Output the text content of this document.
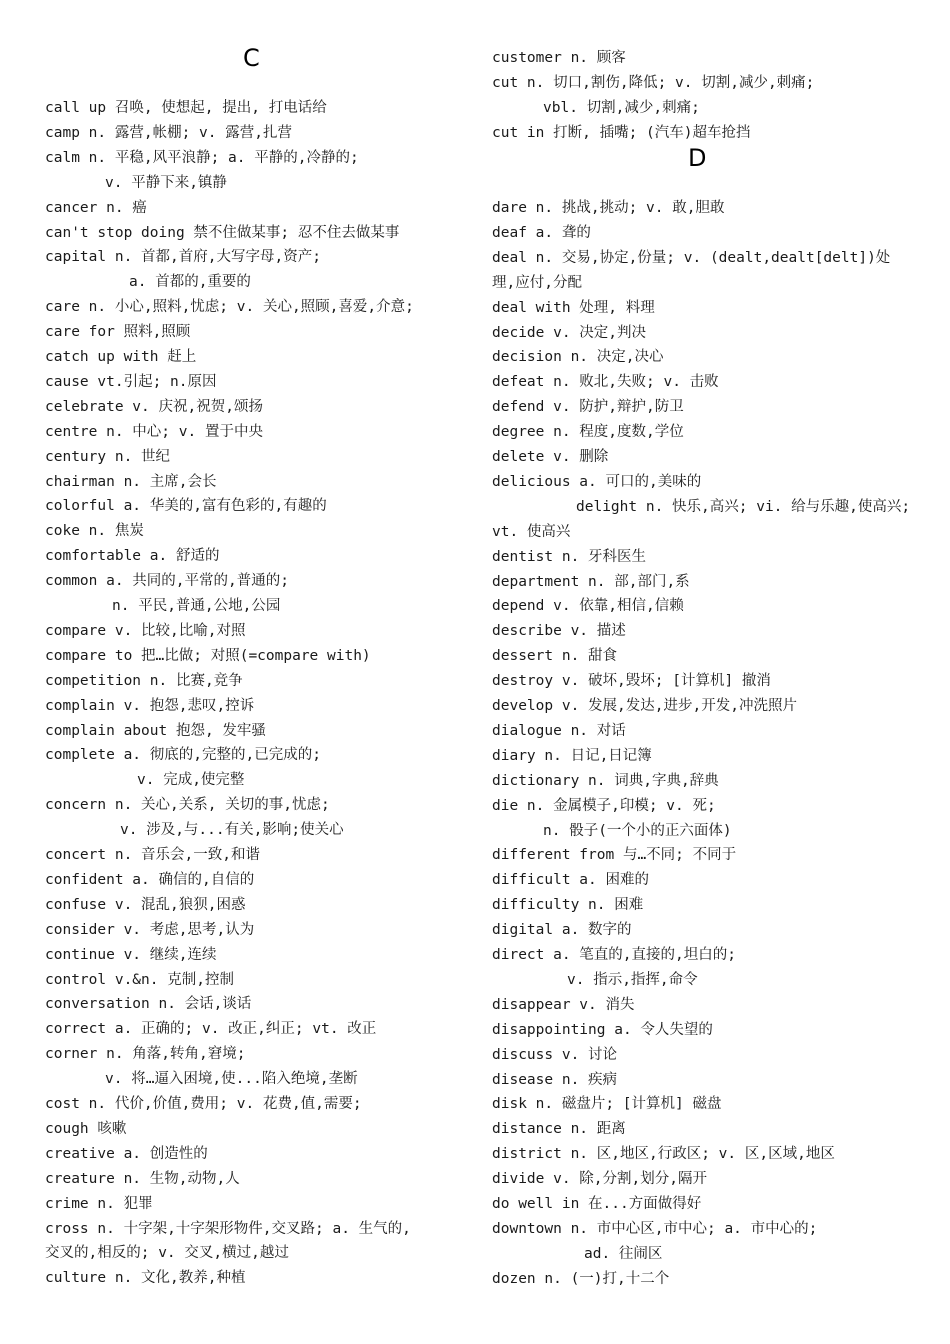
C
call up 召唤, 使想起, 提出, 打电话给
camp n. 露营,帐棚; v. 露营,扎营
calm n. 平稳,风平浪静; a. 平静的,冷静的;
v. 平静下来,镇静
cancer n. 癌
can't stop doing 禁不住做某事; 忍不住去做某事
capital n. 首都,首府,大写字母,资产;
a. 首都的,重要的
care n. 小心,照料,忧虑; v. 关心,照顾,喜爱,介意;
care for 照料,照顾
catch up with 赶上
cause vt.引起; n.原因
celebrate v. 庆祝,祝贺,颂扬
centre n. 中心; v. 置于中央
century n. 世纪
chairman n. 主席,会长
colorful a. 华美的,富有色彩的,有趣的
coke n. 焦炭
comfortable a. 舒适的
common a. 共同的,平常的,普通的;
n. 平民,普通,公地,公园
compare v. 比较,比喻,对照
compare to 把…比做; 对照(=compare with)
competition n. 比赛,竞争
complain v. 抱怨,悲叹,控诉
complain about 抱怨, 发牢骚
complete a. 彻底的,完整的,已完成的;
v. 完成,使完整
concern n. 关心,关系, 关切的事,忧虑;
v. 涉及,与...有关,影响;使关心
concert n. 音乐会,一致,和谐
confident a. 确信的,自信的
confuse v. 混乱,狼狈,困惑
consider v. 考虑,思考,认为
continue v. 继续,连续
control v.&n. 克制,控制
conversation n. 会话,谈话
correct a. 正确的; v. 改正,纠正; vt. 改正
corner n. 角落,转角,窘境;
v. 将…逼入困境,使...陷入绝境,垄断
cost n. 代价,价值,费用; v. 花费,值,需要;
cough 咳嗽
creative a. 创造性的
creature n. 生物,动物,人
crime n. 犯罪
cross n. 十字架,十字架形物件,交叉路; a. 生气的,
交叉的,相反的; v. 交叉,横过,越过
culture n. 文化,教养,种植
D
customer n. 顾客
cut n. 切口,割伤,降低; v. 切割,减少,刺痛;
vbl. 切割,减少,刺痛;
cut in 打断, 插嘴; (汽车)超车抢挡
dare n. 挑战,挑动; v. 敢,胆敢
deaf a. 聋的
deal n. 交易,协定,份量; v. (dealt,dealt[delt])处
理,应付,分配
deal with 处理, 料理
decide v. 决定,判决
decision n. 决定,决心
defeat n. 败北,失败; v. 击败
defend v. 防护,辩护,防卫
degree n. 程度,度数,学位
delete v. 删除
delicious a. 可口的,美味的
delight n. 快乐,高兴; vi. 给与乐趣,使高兴;
vt. 使高兴
dentist n. 牙科医生
department n. 部,部门,系
depend v. 依靠,相信,信赖
describe v. 描述
dessert n. 甜食
destroy v. 破坏,毁坏; [计算机] 撤消
develop v. 发展,发达,进步,开发,冲洗照片
dialogue n. 对话
diary n. 日记,日记簿
dictionary n. 词典,字典,辞典
die n. 金属模子,印模; v. 死;
n. 骰子(一个小的正六面体)
different from 与…不同; 不同于
difficult a. 困难的
difficulty n. 困难
digital a. 数字的
direct a. 笔直的,直接的,坦白的;
v. 指示,指挥,命令
disappear v. 消失
disappointing a. 令人失望的
discuss v. 讨论
disease n. 疾病
disk n. 磁盘片; [计算机] 磁盘
distance n. 距离
district n. 区,地区,行政区; v. 区,区域,地区
divide v. 除,分割,划分,隔开
do well in 在...方面做得好
downtown n. 市中心区,市中心; a. 市中心的;
ad. 往闹区
dozen n. (一)打,十二个
